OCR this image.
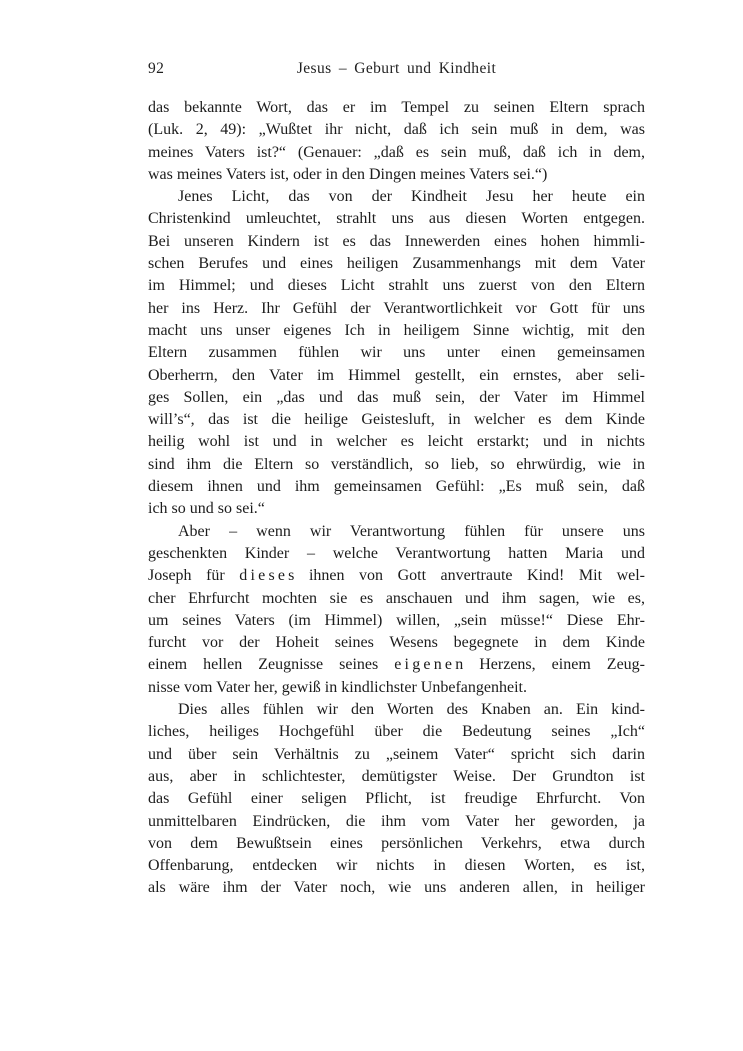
92	Jesus – Geburt und Kindheit
das bekannte Wort, das er im Tempel zu seinen Eltern sprach
(Luk. 2, 49): „Wußtet ihr nicht, daß ich sein muß in dem, was
meines Vaters ist?“ (Genauer: „daß es sein muß, daß ich in dem,
was meines Vaters ist, oder in den Dingen meines Vaters sei.“)
Jenes Licht, das von der Kindheit Jesu her heute ein
Christenkind umleuchtet, strahlt uns aus diesen Worten entgegen.
Bei unseren Kindern ist es das Innewerden eines hohen himmli-
schen Berufes und eines heiligen Zusammenhangs mit dem Vater
im Himmel; und dieses Licht strahlt uns zuerst von den Eltern
her ins Herz. Ihr Gefühl der Verantwortlichkeit vor Gott für uns
macht uns unser eigenes Ich in heiligem Sinne wichtig, mit den
Eltern zusammen fühlen wir uns unter einen gemeinsamen
Oberherrn, den Vater im Himmel gestellt, ein ernstes, aber seli-
ges Sollen, ein „das und das muß sein, der Vater im Himmel
will’s“, das ist die heilige Geistesluft, in welcher es dem Kinde
heilig wohl ist und in welcher es leicht erstarkt; und in nichts
sind ihm die Eltern so verständlich, so lieb, so ehrwürdig, wie in
diesem ihnen und ihm gemeinsamen Gefühl: „Es muß sein, daß
ich so und so sei.“
Aber – wenn wir Verantwortung fühlen für unsere uns
geschenkten Kinder – welche Verantwortung hatten Maria und
Joseph für d i e s e s ihnen von Gott anvertraute Kind! Mit wel-
cher Ehrfurcht mochten sie es anschauen und ihm sagen, wie es,
um seines Vaters (im Himmel) willen, „sein müsse!“ Diese Ehr-
furcht vor der Hoheit seines Wesens begegnete in dem Kinde
einem hellen Zeugnisse seines e i g e n e n Herzens, einem Zeug-
nisse vom Vater her, gewiß in kindlichster Unbefangenheit.
Dies alles fühlen wir den Worten des Knaben an. Ein kind-
liches, heiliges Hochgefühl über die Bedeutung seines „Ich“
und über sein Verhältnis zu „seinem Vater“ spricht sich darin
aus, aber in schlichtester, demütigster Weise. Der Grundton ist
das Gefühl einer seligen Pflicht, ist freudige Ehrfurcht. Von
unmittelbaren Eindrücken, die ihm vom Vater her geworden, ja
von dem Bewußtsein eines persönlichen Verkehrs, etwa durch
Offenbarung, entdecken wir nichts in diesen Worten, es ist,
als wäre ihm der Vater noch, wie uns anderen allen, in heiliger
